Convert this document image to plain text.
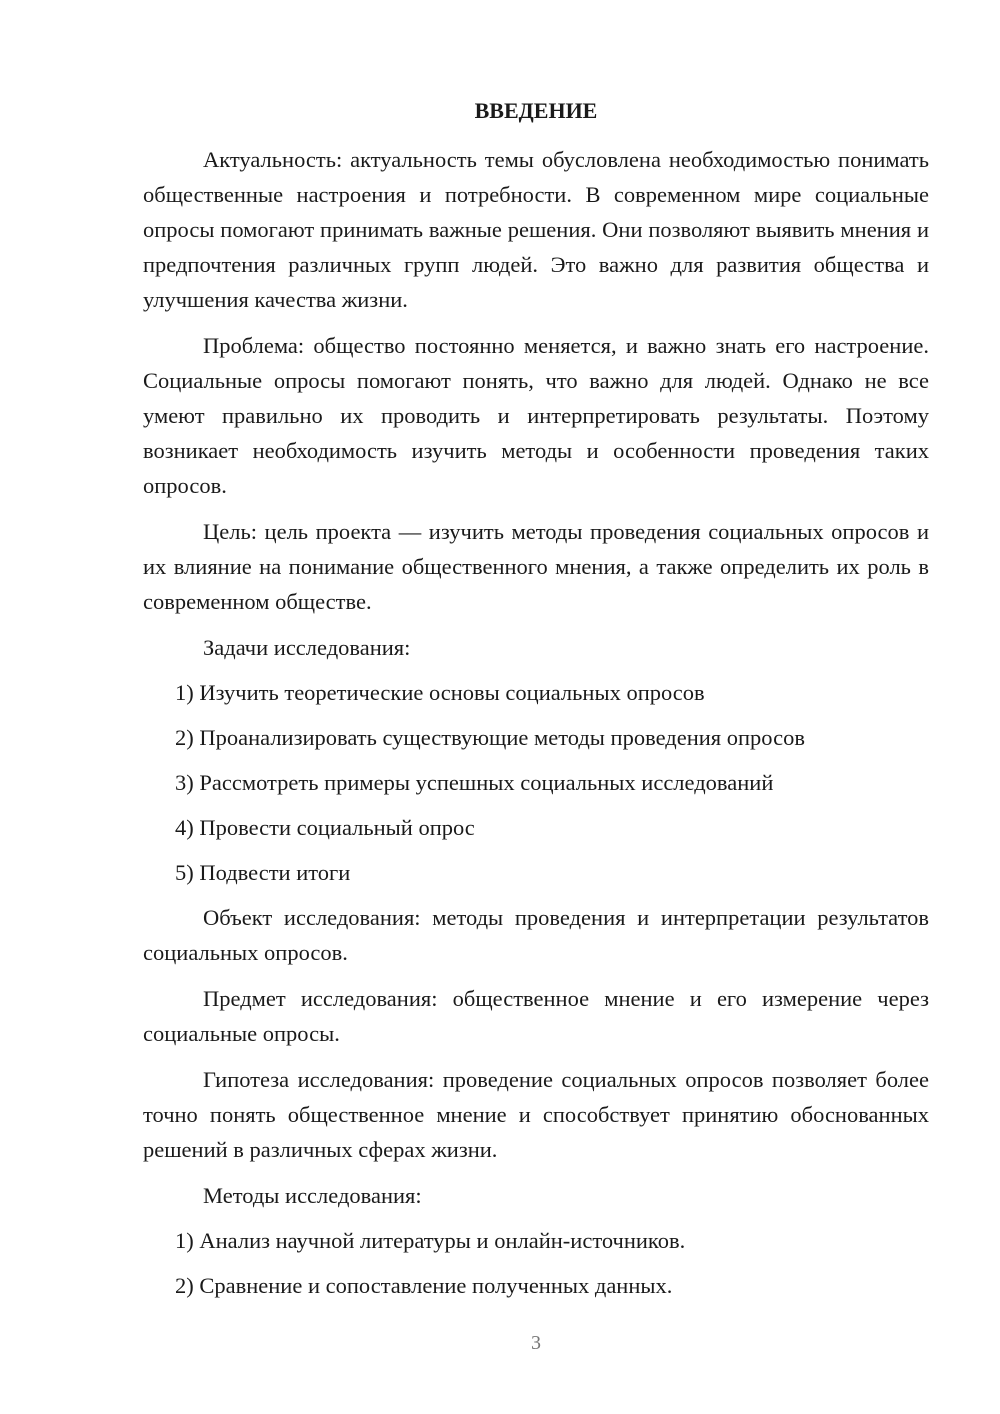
ВВЕДЕНИЕ

Актуальность: актуальность темы обусловлена необходимостью понимать общественные настроения и потребности. В современном мире социальные опросы помогают принимать важные решения. Они позволяют выявить мнения и предпочтения различных групп людей. Это важно для развития общества и улучшения качества жизни.

Проблема: общество постоянно меняется, и важно знать его настроение. Социальные опросы помогают понять, что важно для людей. Однако не все умеют правильно их проводить и интерпретировать результаты. Поэтому возникает необходимость изучить методы и особенности проведения таких опросов.

Цель: цель проекта — изучить методы проведения социальных опросов и их влияние на понимание общественного мнения, а также определить их роль в современном обществе.

Задачи исследования:

1) Изучить теоретические основы социальных опросов

2) Проанализировать существующие методы проведения опросов

3) Рассмотреть примеры успешных социальных исследований

4) Провести социальный опрос

5) Подвести итоги

Объект исследования: методы проведения и интерпретации результатов социальных опросов.

Предмет исследования: общественное мнение и его измерение через социальные опросы.

Гипотеза исследования: проведение социальных опросов позволяет более точно понять общественное мнение и способствует принятию обоснованных решений в различных сферах жизни.

Методы исследования:

1) Анализ научной литературы и онлайн-источников.

2) Сравнение и сопоставление полученных данных.

3
